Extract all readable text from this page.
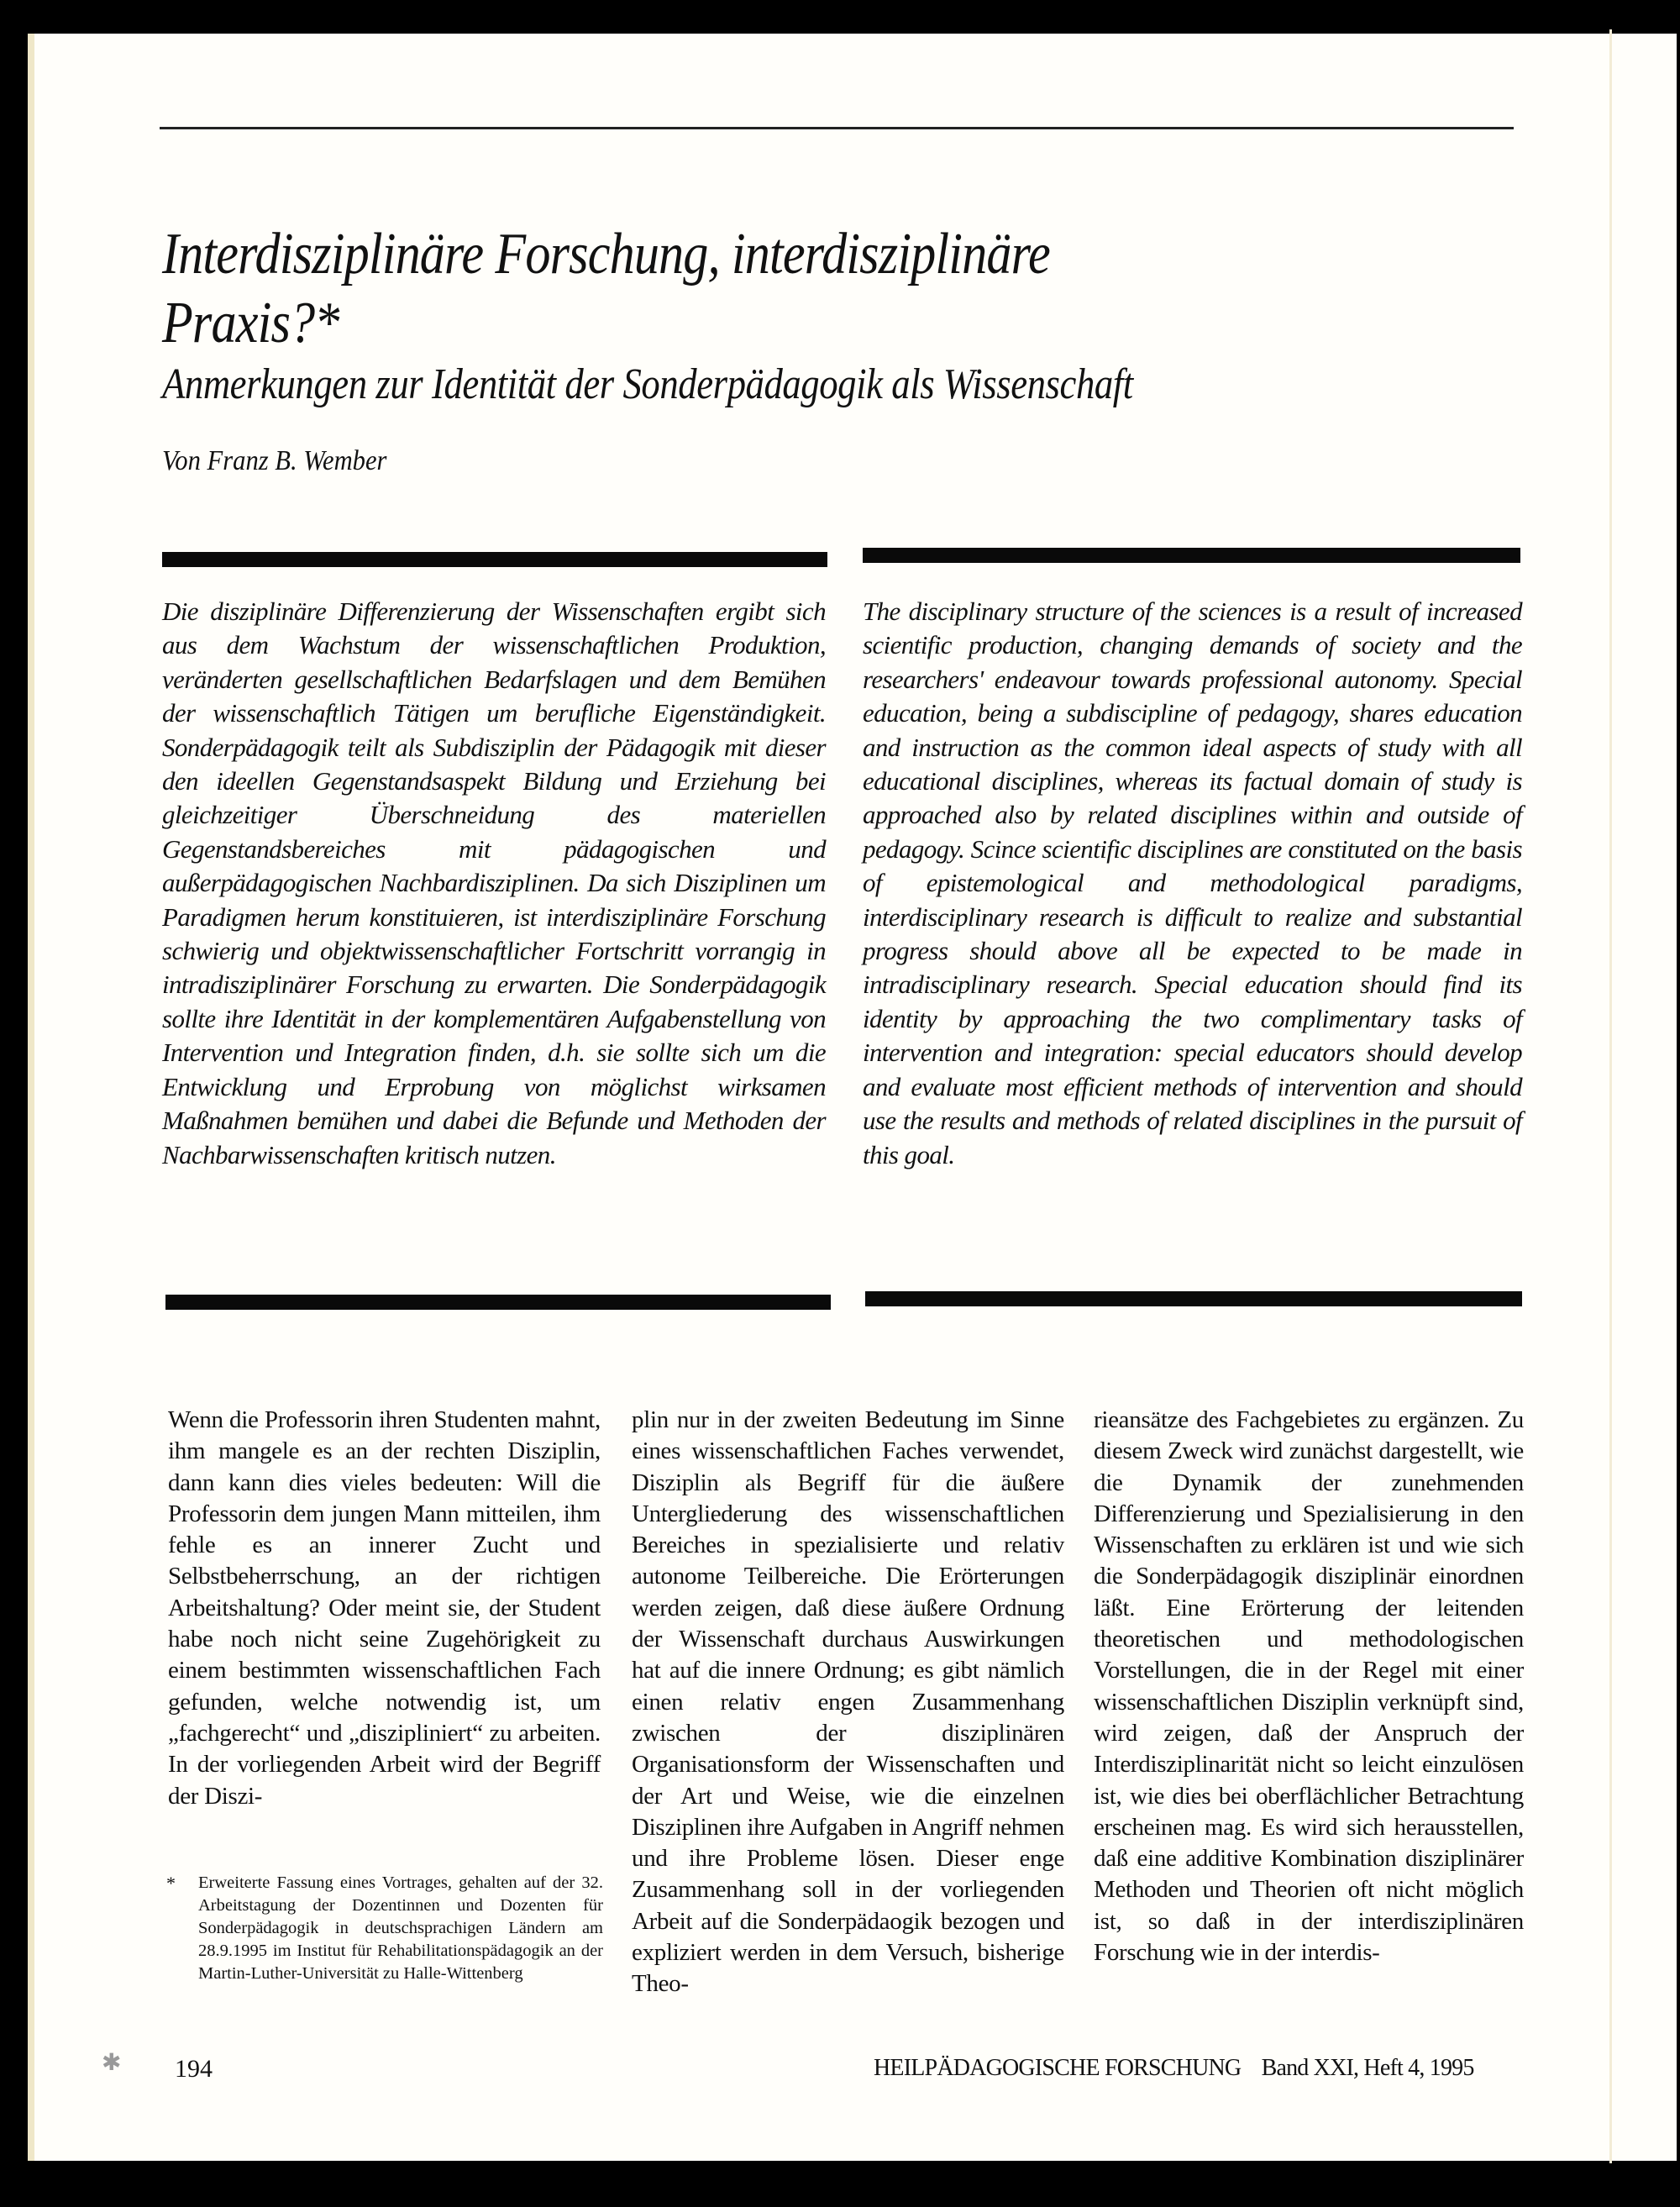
Interdisziplinäre Forschung, interdisziplinäre
Praxis?*
Anmerkungen zur Identität der Sonderpädagogik als Wissenschaft
Von Franz B. Wember

Die disziplinäre Differenzierung der Wissenschaften ergibt sich aus dem Wachstum der wissenschaftlichen Produktion, veränderten gesellschaftlichen Bedarfslagen und dem Bemühen der wissenschaftlich Tätigen um berufliche Eigenständigkeit. Sonderpädagogik teilt als Subdisziplin der Pädagogik mit dieser den ideellen Gegenstandsaspekt Bildung und Erziehung bei gleichzeitiger Überschneidung des materiellen Gegenstandsbereiches mit pädagogischen und außerpädagogischen Nachbardisziplinen. Da sich Disziplinen um Paradigmen herum konstituieren, ist interdisziplinäre Forschung schwierig und objektwissenschaftlicher Fortschritt vorrangig in intradisziplinärer Forschung zu erwarten. Die Sonderpädagogik sollte ihre Identität in der komplementären Aufgabenstellung von Intervention und Integration finden, d.h. sie sollte sich um die Entwicklung und Erprobung von möglichst wirksamen Maßnahmen bemühen und dabei die Befunde und Methoden der Nachbarwissenschaften kritisch nutzen.

The disciplinary structure of the sciences is a result of increased scientific production, changing demands of society and the researchers' endeavour towards professional autonomy. Special education, being a subdiscipline of pedagogy, shares education and instruction as the common ideal aspects of study with all educational disciplines, whereas its factual domain of study is approached also by related disciplines within and outside of pedagogy. Scince scientific disciplines are constituted on the basis of epistemological and methodological paradigms, interdisciplinary research is difficult to realize and substantial progress should above all be expected to be made in intradisciplinary research. Special education should find its identity by approaching the two complimentary tasks of intervention and integration: special educators should develop and evaluate most efficient methods of intervention and should use the results and methods of related disciplines in the pursuit of this goal.

Wenn die Professorin ihren Studenten mahnt, ihm mangele es an der rechten Disziplin, dann kann dies vieles bedeuten: Will die Professorin dem jungen Mann mitteilen, ihm fehle es an innerer Zucht und Selbstbeherrschung, an der richtigen Arbeitshaltung? Oder meint sie, der Student habe noch nicht seine Zugehörigkeit zu einem bestimmten wissenschaftlichen Fach gefunden, welche notwendig ist, um „fachgerecht“ und „diszipliniert“ zu arbeiten. In der vorliegenden Arbeit wird der Begriff der Diszi-

plin nur in der zweiten Bedeutung im Sinne eines wissenschaftlichen Faches verwendet, Disziplin als Begriff für die äußere Untergliederung des wissenschaftlichen Bereiches in spezialisierte und relativ autonome Teilbereiche. Die Erörterungen werden zeigen, daß diese äußere Ordnung der Wissenschaft durchaus Auswirkungen hat auf die innere Ordnung; es gibt nämlich einen relativ engen Zusammenhang zwischen der disziplinären Organisationsform der Wissenschaften und der Art und Weise, wie die einzelnen Disziplinen ihre Aufgaben in Angriff nehmen und ihre Probleme lösen. Dieser enge Zusammenhang soll in der vorliegenden Arbeit auf die Sonderpädaogik bezogen und expliziert werden in dem Versuch, bisherige Theo-

rieansätze des Fachgebietes zu ergänzen. Zu diesem Zweck wird zunächst dargestellt, wie die Dynamik der zunehmenden Differenzierung und Spezialisierung in den Wissenschaften zu erklären ist und wie sich die Sonderpädagogik disziplinär einordnen läßt. Eine Erörterung der leitenden theoretischen und methodologischen Vorstellungen, die in der Regel mit einer wissenschaftlichen Disziplin verknüpft sind, wird zeigen, daß der Anspruch der Interdisziplinarität nicht so leicht einzulösen ist, wie dies bei oberflächlicher Betrachtung erscheinen mag. Es wird sich herausstellen, daß eine additive Kombination disziplinärer Methoden und Theorien oft nicht möglich ist, so daß in der interdisziplinären Forschung wie in der interdis-

*	Erweiterte Fassung eines Vortrages, gehalten auf der 32. Arbeitstagung der Dozentinnen und Dozenten für Sonderpädagogik in deutschsprachigen Ländern am 28.9.1995 im Institut für Rehabilitationspädagogik an der Martin-Luther-Universität zu Halle-Wittenberg
✱ 194	HEILPÄDAGOGISCHE FORSCHUNG Band XXI, Heft 4, 1995
